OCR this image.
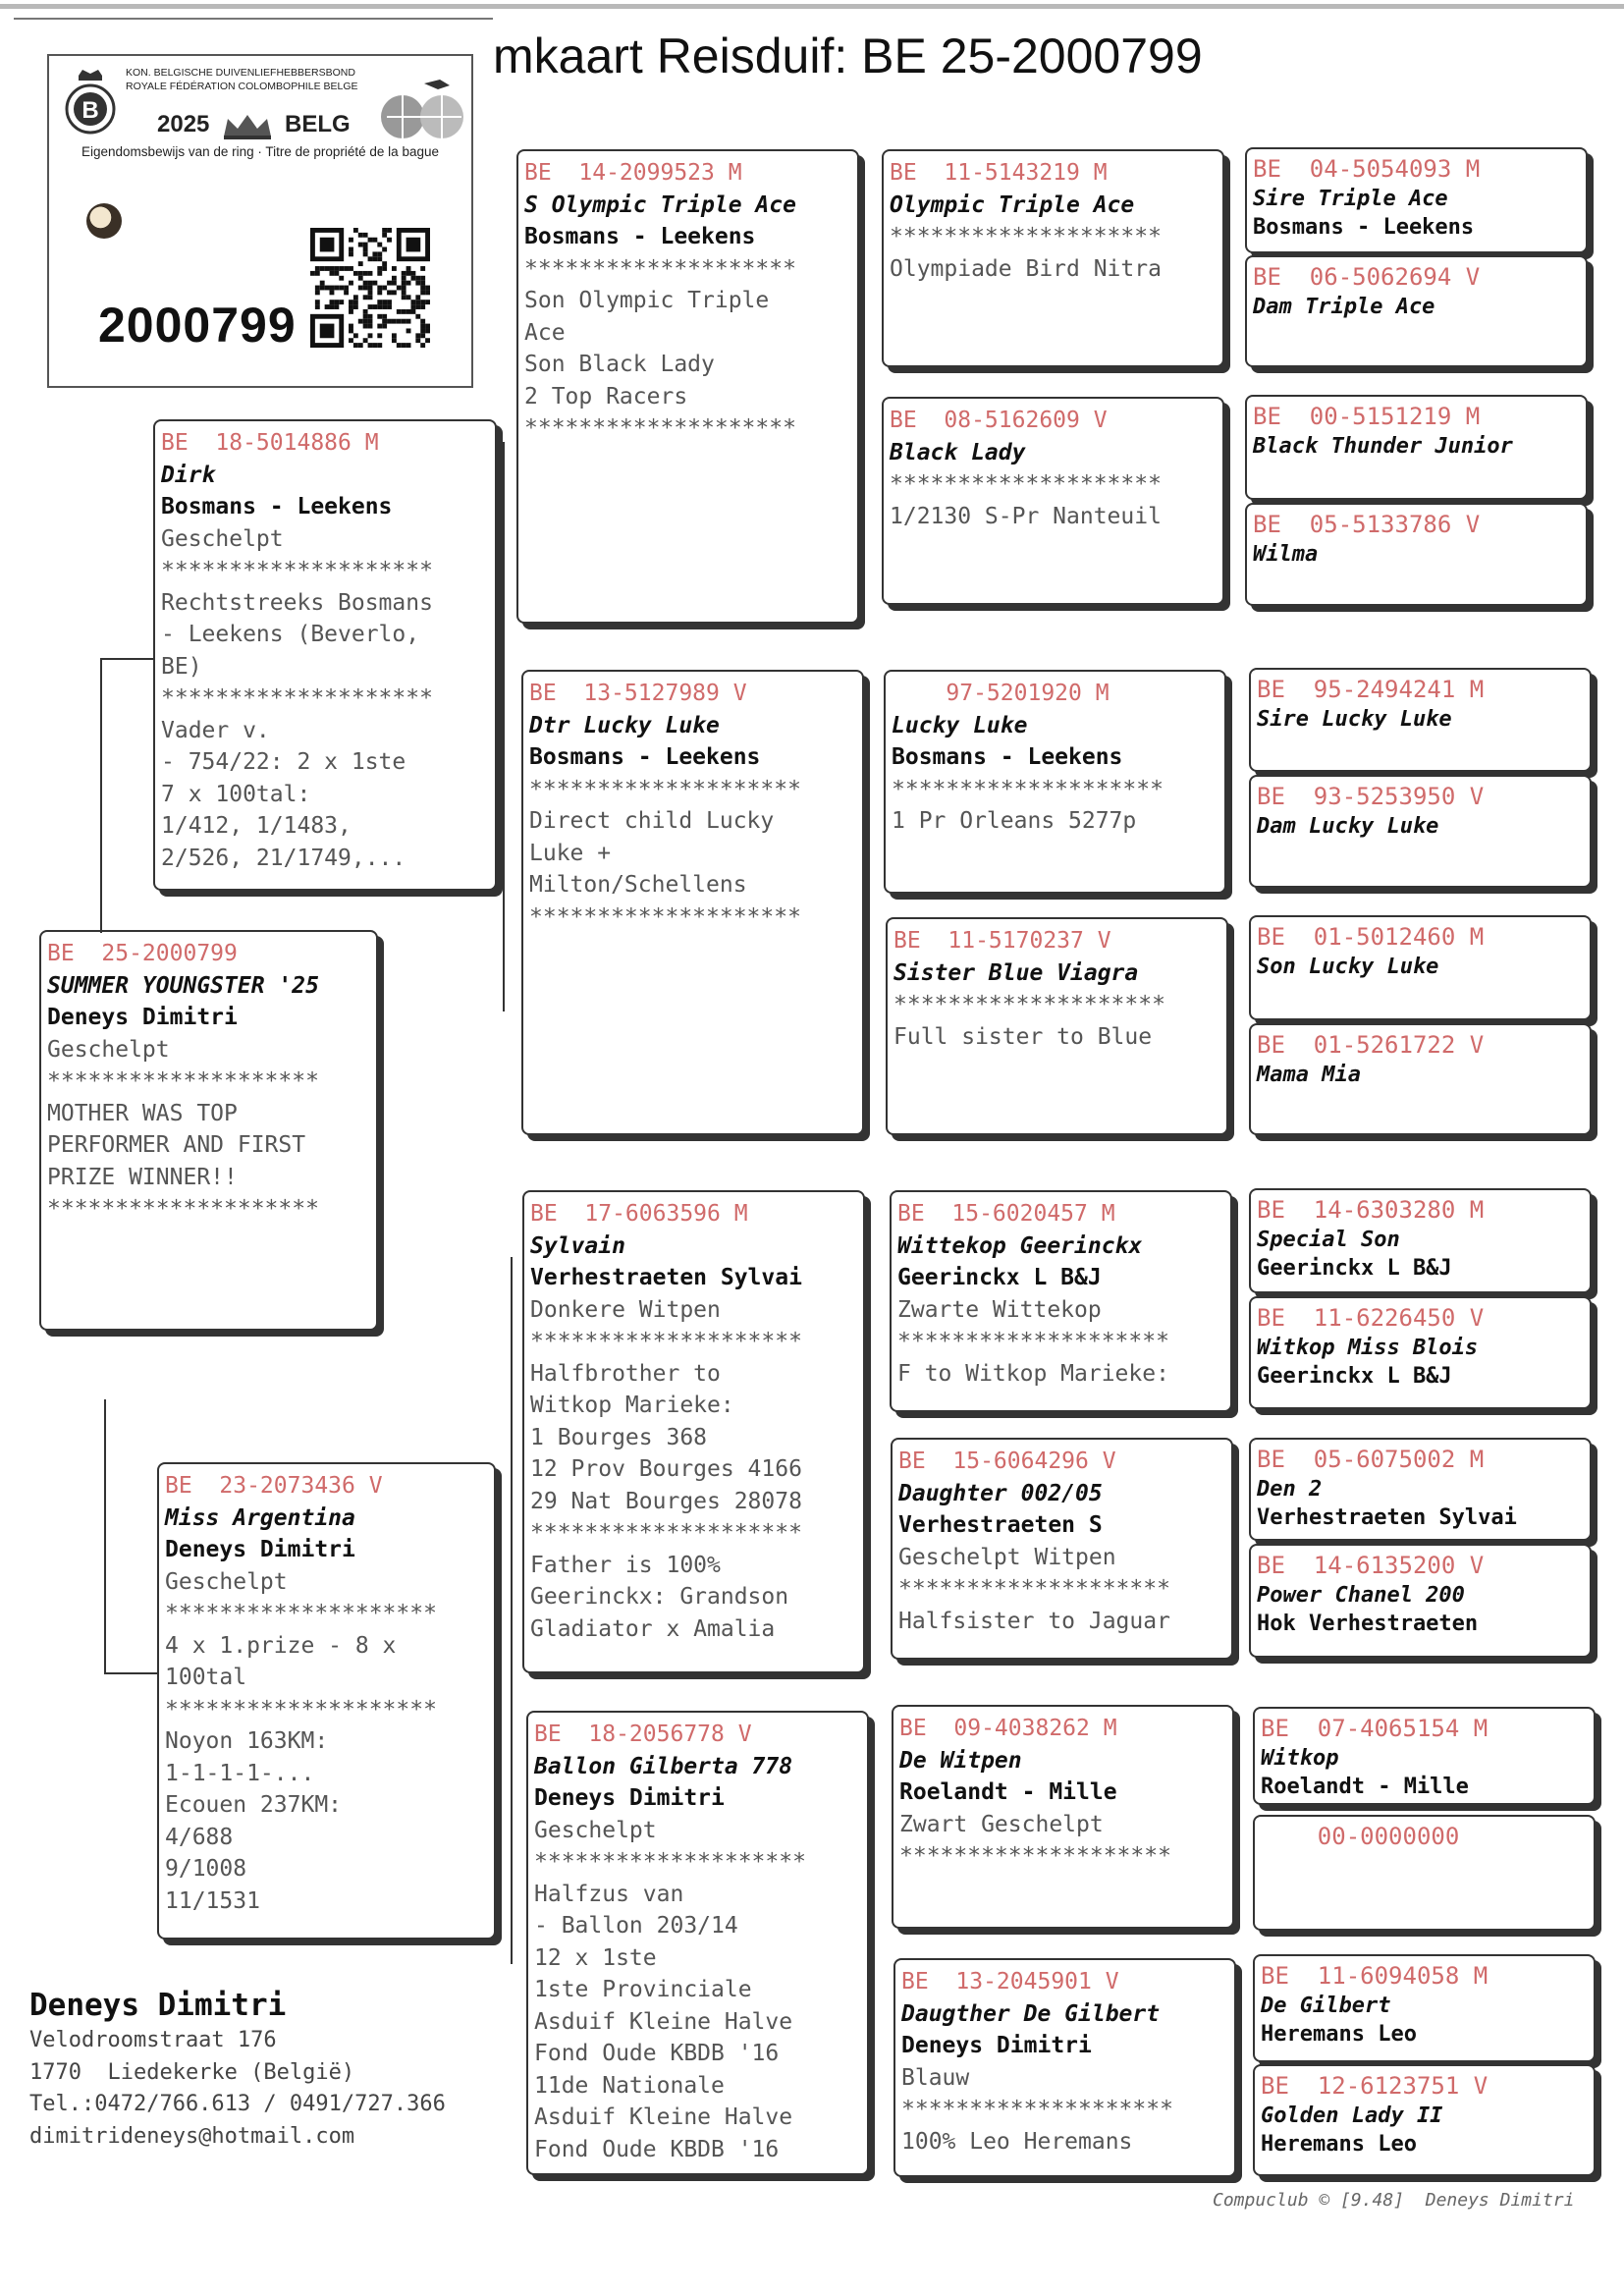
mkaart Reisduif: BE 25-2000799
B
KON. BELGISCHE DUIVENLIEFHEBBERSBOND
ROYALE FÉDÉRATION COLOMBOPHILE BELGE
2025	BELG
Eigendomsbewijs van de ring · Titre de propriété de la bague
2000799
BE  25-2000799
SUMMER YOUNGSTER '25
Deneys Dimitri
Geschelpt
********************
MOTHER WAS TOP
PERFORMER AND FIRST
PRIZE WINNER!!
********************
BE  18-5014886 M
Dirk
Bosmans - Leekens
Geschelpt
********************
Rechtstreeks Bosmans
- Leekens (Beverlo,
BE)
********************
Vader v.
- 754/22: 2 x 1ste
7 x 100tal:
1/412, 1/1483,
2/526, 21/1749,...
BE  23-2073436 V
Miss Argentina
Deneys Dimitri
Geschelpt
********************
4 x 1.prize - 8 x
100tal
********************
Noyon 163KM:
1-1-1-1-...
Ecouen 237KM:
4/688
9/1008
11/1531
BE  14-2099523 M
S Olympic Triple Ace
Bosmans - Leekens
********************
Son Olympic Triple
Ace
Son Black Lady
2 Top Racers
********************
BE  13-5127989 V
Dtr Lucky Luke
Bosmans - Leekens
********************
Direct child Lucky
Luke +
Milton/Schellens
********************
BE  17-6063596 M
Sylvain
Verhestraeten Sylvai
Donkere Witpen
********************
Halfbrother to
Witkop Marieke:
1 Bourges 368
12 Prov Bourges 4166
29 Nat Bourges 28078
********************
Father is 100%
Geerinckx: Grandson
Gladiator x Amalia
BE  18-2056778 V
Ballon Gilberta 778
Deneys Dimitri
Geschelpt
********************
Halfzus van
- Ballon 203/14
12 x 1ste
1ste Provinciale
Asduif Kleine Halve
Fond Oude KBDB '16
11de Nationale
Asduif Kleine Halve
Fond Oude KBDB '16
BE  11-5143219 M
Olympic Triple Ace
********************
Olympiade Bird Nitra
BE  08-5162609 V
Black Lady
********************
1/2130 S-Pr Nanteuil
97-5201920 M
Lucky Luke
Bosmans - Leekens
********************
1 Pr Orleans 5277p
BE  11-5170237 V
Sister Blue Viagra
********************
Full sister to Blue
BE  15-6020457 M
Wittekop Geerinckx
Geerinckx L B&J
Zwarte Wittekop
********************
F to Witkop Marieke:
BE  15-6064296 V
Daughter 002/05
Verhestraeten S
Geschelpt Witpen
********************
Halfsister to Jaguar
BE  09-4038262 M
De Witpen
Roelandt - Mille
Zwart Geschelpt
********************
BE  13-2045901 V
Daugther De Gilbert
Deneys Dimitri
Blauw
********************
100% Leo Heremans
BE  04-5054093 M
Sire Triple Ace
Bosmans - Leekens
BE  06-5062694 V
Dam Triple Ace
BE  00-5151219 M
Black Thunder Junior
BE  05-5133786 V
Wilma
BE  95-2494241 M
Sire Lucky Luke
BE  93-5253950 V
Dam Lucky Luke
BE  01-5012460 M
Son Lucky Luke
BE  01-5261722 V
Mama Mia
BE  14-6303280 M
Special Son
Geerinckx L B&J
BE  11-6226450 V
Witkop Miss Blois
Geerinckx L B&J
BE  05-6075002 M
Den 2
Verhestraeten Sylvai
BE  14-6135200 V
Power Chanel 200
Hok Verhestraeten
BE  07-4065154 M
Witkop
Roelandt - Mille
00-0000000
BE  11-6094058 M
De Gilbert
Heremans Leo
BE  12-6123751 V
Golden Lady II
Heremans Leo
Deneys Dimitri
Velodroomstraat 176
1770  Liedekerke (België)
Tel.:0472/766.613 / 0491/727.366
dimitrideneys@hotmail.com
Compuclub © [9.48]  Deneys Dimitri
